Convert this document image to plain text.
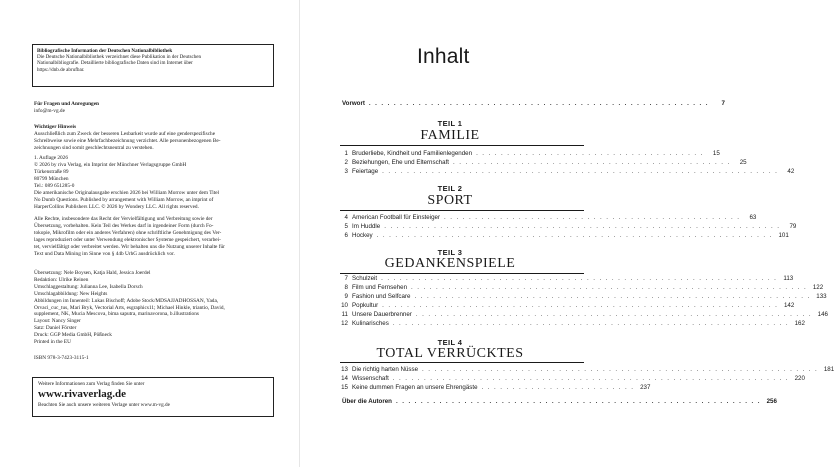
Bibliografische Information der Deutschen Nationalbibliothek
Die Deutsche Nationalbibliothek verzeichnet diese Publikation in der Deutschen
Nationalbibliografie. Detaillierte bibliografische Daten sind im Internet über
https://dnb.de abrufbar.
Für Fragen und Anregungen
info@m-vg.de
Wichtiger Hinweis
Ausschließlich zum Zweck der besseren Lesbarkeit wurde auf eine genderspezifische
Schreibweise sowie eine Mehrfachbezeichnung verzichtet. Alle personenbezogenen Be-
zeichnungen sind somit geschlechtsneutral zu verstehen.
1. Auflage 2026
© 2026 by riva Verlag, ein Imprint der Münchner Verlagsgruppe GmbH
Türkenstraße 89
80799 München
Tel.: 089 651285-0
Die amerikanische Originalausgabe erschien 2026 bei William Morrow unter dem Titel
No Dumb Questions. Published by arrangement with William Morrow, an imprint of
HarperCollins Publishers LLC. © 2026 by Wondery LLC. All rights reserved.
Alle Rechte, insbesondere das Recht der Vervielfältigung und Verbreitung sowie der
Übersetzung, vorbehalten. Kein Teil des Werkes darf in irgendeiner Form (durch Fo-
tokopie, Mikrofilm oder ein anderes Verfahren) ohne schriftliche Genehmigung des Ver-
lages reproduziert oder unter Verwendung elektronischer Systeme gespeichert, verarbei-
tet, vervielfältigt oder verbreitet werden. Wir behalten uns die Nutzung unserer Inhalte für
Text und Data Mining im Sinne von § 44b UrhG ausdrücklich vor.
Übersetzung: Nele Boysen, Katja Hald, Jessica Joerdel
Redaktion: Ulrike Reinen
Umschlaggestaltung: Julianna Lee, Isabella Dorsch
Umschlagabbildung: New Heights
Abbildungen im Innenteil: Lukas Bischoff; Adobe Stock/MDSAJJADHOSSAN, Yada,
Orvaci_cuc_tus, Mari Bryk, Vectorial Arts, esgraphics11; Michael Hinkle, triantio, David,
supplement, NK, Mucia Mescova, bima saputra, marinavorona, b.illustrations
Layout: Nancy Singer
Satz: Daniel Förster
Druck: GGP Media GmbH, Pößneck
Printed in the EU
ISBN 978-3-7423-3115-1
Weitere Informationen zum Verlag finden Sie unter
www.rivaverlag.de
Beachten Sie auch unsere weiteren Verlage unter www.m-vg.de
Inhalt
Vorwort . . . . . . . . . . . . . . . . . . . . . . . . . . . . . . . . . . . . . . . . . . . . . . . . . . . . . . .	7
TEIL 1
FAMILIE
1 Bruderliebe, Kindheit und Familienlegenden . . . . . . . . . . . . . . . . . . . . . . . . . . . . . . . . . . . . .	15
2 Beziehungen, Ehe und Elternschaft . . . . . . . . . . . . . . . . . . . . . . . . . . . . . . . . . . . . . . . . . . . . .	25
3 Feiertage . . . . . . . . . . . . . . . . . . . . . . . . . . . . . . . . . . . . . . . . . . . . . . . . . . . . . . . . . . . . . . . .	42
TEIL 2
SPORT
4 American Football für Einsteiger . . . . . . . . . . . . . . . . . . . . . . . . . . . . . . . . . . . . . . . . . . . . . . . .	63
5 Im Huddle . . . . . . . . . . . . . . . . . . . . . . . . . . . . . . . . . . . . . . . . . . . . . . . . . . . . . . . . . . . . . . . .	79
6 Hockey . . . . . . . . . . . . . . . . . . . . . . . . . . . . . . . . . . . . . . . . . . . . . . . . . . . . . . . . . . . . . . . . 101
TEIL 3
GEDANKENSPIELE
7 Schulzeit . . . . . . . . . . . . . . . . . . . . . . . . . . . . . . . . . . . . . . . . . . . . . . . . . . . . . . . . . . . . . . . . 113
8 Film und Fernsehen . . . . . . . . . . . . . . . . . . . . . . . . . . . . . . . . . . . . . . . . . . . . . . . . . . . . . . . . . . . . . . . . 122
9 Fashion und Selfcare . . . . . . . . . . . . . . . . . . . . . . . . . . . . . . . . . . . . . . . . . . . . . . . . . . . . . . . . . . . . . . . . 133
10 Popkultur . . . . . . . . . . . . . . . . . . . . . . . . . . . . . . . . . . . . . . . . . . . . . . . . . . . . . . . . . . . . . . . . 142
11 Unsere Dauerbrenner . . . . . . . . . . . . . . . . . . . . . . . . . . . . . . . . . . . . . . . . . . . . . . . . . . . . . . . . . . . . . . . . 146
12 Kulinarisches . . . . . . . . . . . . . . . . . . . . . . . . . . . . . . . . . . . . . . . . . . . . . . . . . . . . . . . . . . . . . . . . 162
TEIL 4
TOTAL VERRÜCKTES
13 Die richtig harten Nüsse . . . . . . . . . . . . . . . . . . . . . . . . . . . . . . . . . . . . . . . . . . . . . . . . . . . . . . . . . . . . . . . . 181
14 Wissenschaft . . . . . . . . . . . . . . . . . . . . . . . . . . . . . . . . . . . . . . . . . . . . . . . . . . . . . . . . . . . . . . . . 220
15 Keine dummen Fragen an unsere Ehrengäste . . . . . . . . . . . . . . . . . . . . . . . . . 237
Über die Autoren . . . . . . . . . . . . . . . . . . . . . . . . . . . . . . . . . . . . . . . . . . . . . . . . . . . . . . . . . . . 256
